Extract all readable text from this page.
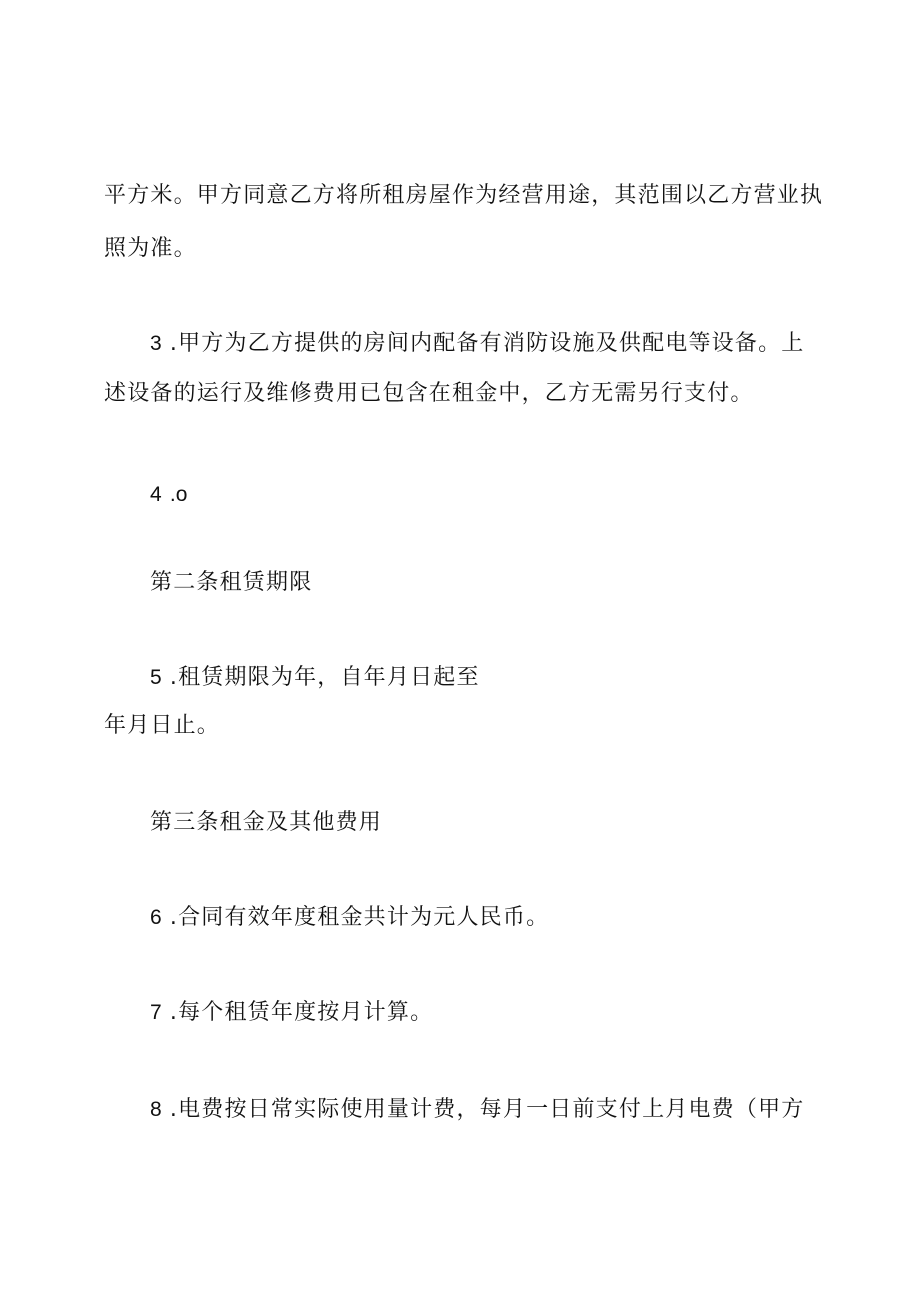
平方米。甲方同意乙方将所租房屋作为经营用途，其范围以乙方营业执
照为准。
3 .甲方为乙方提供的房间内配备有消防设施及供配电等设备。上
述设备的运行及维修费用已包含在租金中，乙方无需另行支付。
4 .o
第二条租赁期限
5 .租赁期限为年，自年月日起至
年月日止。
第三条租金及其他费用
6 .合同有效年度租金共计为元人民币。
7 .每个租赁年度按月计算。
8 .电费按日常实际使用量计费，每月一日前支付上月电费（甲方
